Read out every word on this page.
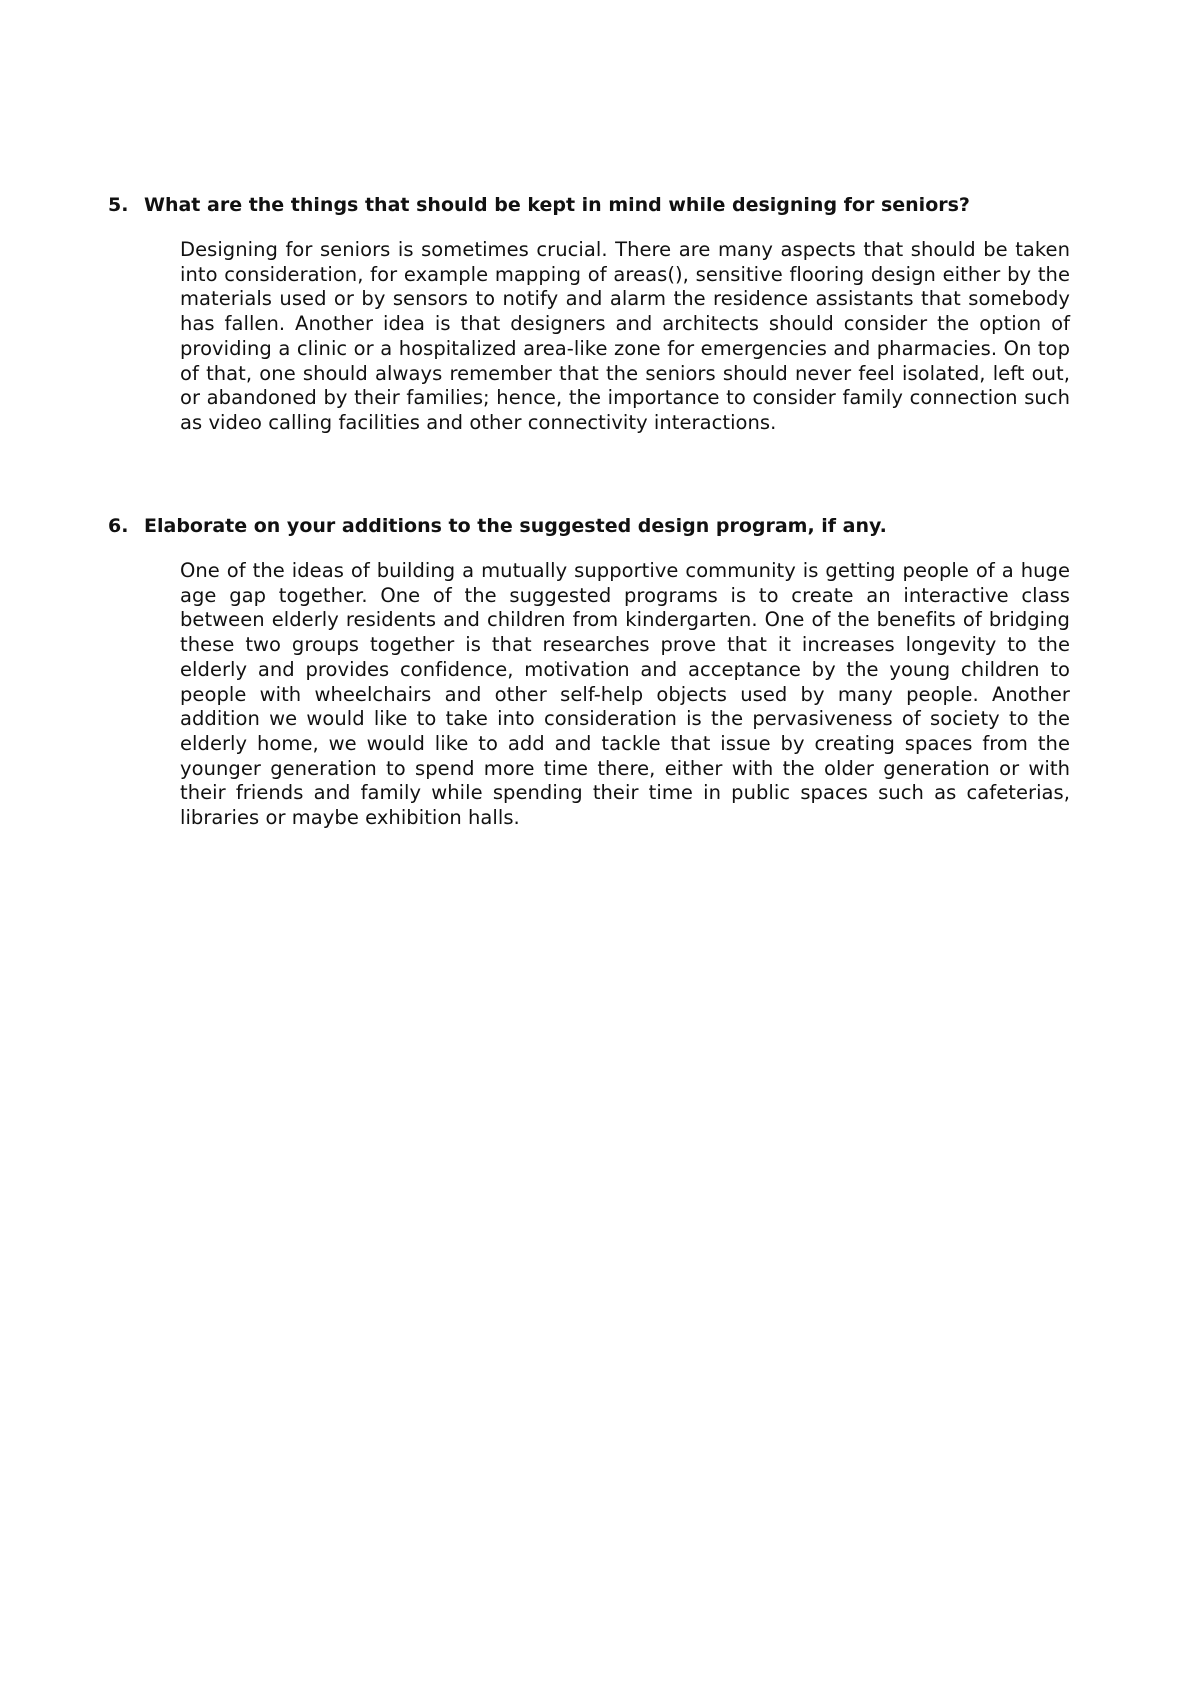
5. What are the things that should be kept in mind while designing for seniors?

Designing for seniors is sometimes crucial. There are many aspects that should be taken into consideration, for example mapping of areas(), sensitive flooring design either by the materials used or by sensors to notify and alarm the residence assistants that somebody has fallen. Another idea is that designers and architects should consider the option of providing a clinic or a hospitalized area-like zone for emergencies and pharmacies. On top of that, one should always remember that the seniors should never feel isolated, left out, or abandoned by their families; hence, the importance to consider family connection such as video calling facilities and other connectivity interactions.

6. Elaborate on your additions to the suggested design program, if any.

One of the ideas of building a mutually supportive community is getting people of a huge age gap together. One of the suggested programs is to create an interactive class between elderly residents and children from kindergarten. One of the benefits of bridging these two groups together is that researches prove that it increases longevity to the elderly and provides confidence, motivation and acceptance by the young children to people with wheelchairs and other self-help objects used by many people. Another addition we would like to take into consideration is the pervasiveness of society to the elderly home, we would like to add and tackle that issue by creating spaces from the younger generation to spend more time there, either with the older generation or with their friends and family while spending their time in public spaces such as cafeterias, libraries or maybe exhibition halls.
